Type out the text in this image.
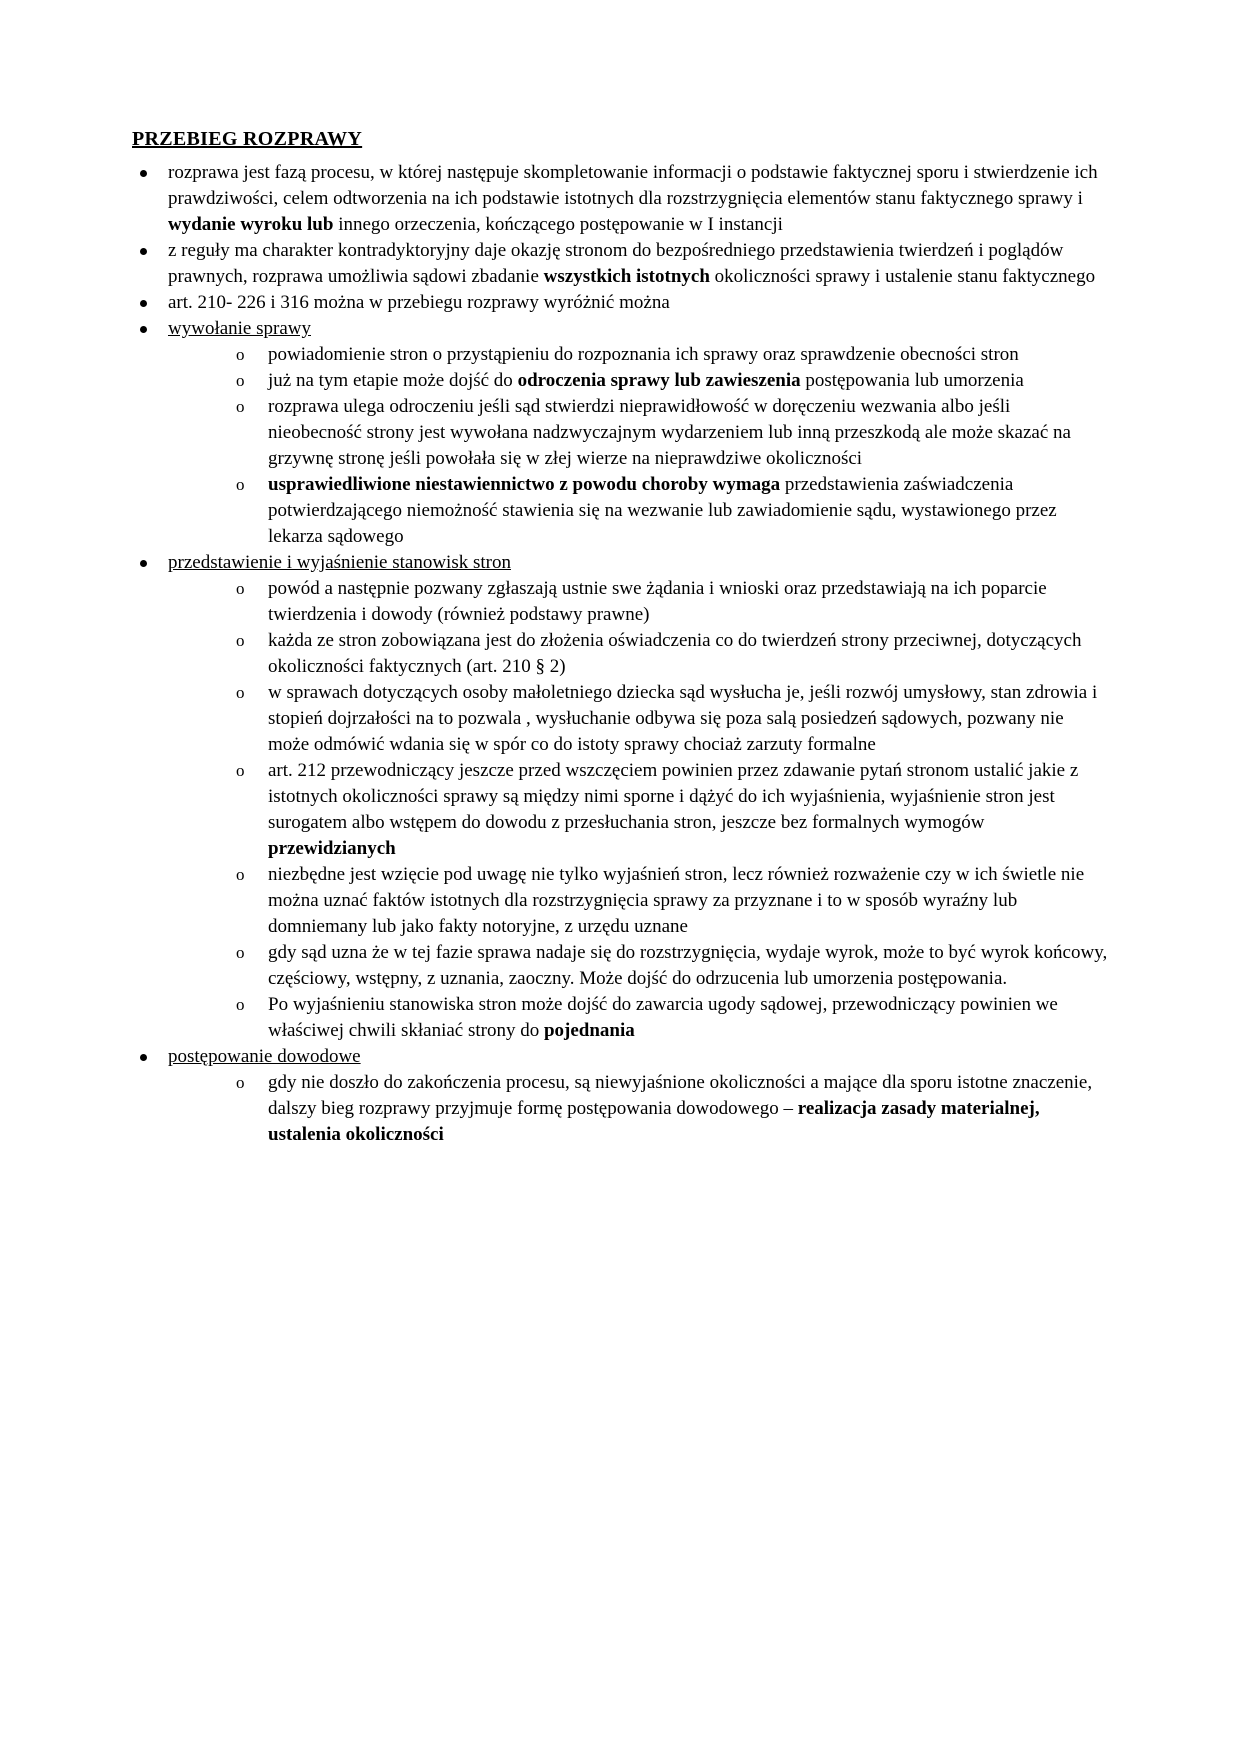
PRZEBIEG ROZPRAWY
rozprawa jest fazą procesu, w której następuje skompletowanie informacji o podstawie faktycznej sporu i stwierdzenie ich prawdziwości, celem odtworzenia na ich podstawie istotnych dla rozstrzygnięcia elementów stanu faktycznego sprawy i wydanie wyroku lub innego orzeczenia, kończącego postępowanie w I instancji
z reguły ma charakter kontradyktoryjny daje okazję stronom do bezpośredniego przedstawienia twierdzeń i poglądów prawnych, rozprawa umożliwia sądowi zbadanie wszystkich istotnych okoliczności sprawy i ustalenie stanu faktycznego
art. 210- 226 i 316 można w przebiegu rozprawy wyróżnić można
wywołanie sprawy
o	powiadomienie stron o przystąpieniu do rozpoznania ich sprawy oraz sprawdzenie obecności stron
o	już na tym etapie może dojść do odroczenia sprawy lub zawieszenia postępowania lub umorzenia
o	rozprawa ulega odroczeniu jeśli sąd stwierdzi nieprawidłowość w doręczeniu wezwania albo jeśli nieobecność strony jest wywołana nadzwyczajnym wydarzeniem lub inną przeszkodą ale może skazać na grzywnę stronę jeśli powołała się w złej wierze na nieprawdziwe okoliczności
o	usprawiedliwione niestawiennictwo z powodu choroby wymaga przedstawienia zaświadczenia potwierdzającego niemożność stawienia się na wezwanie lub zawiadomienie sądu, wystawionego przez lekarza sądowego
przedstawienie i wyjaśnienie stanowisk stron
o	powód a następnie pozwany zgłaszają ustnie swe żądania i wnioski oraz przedstawiają na ich poparcie twierdzenia i dowody (również podstawy prawne)
o	każda ze stron zobowiązana jest do złożenia oświadczenia co do twierdzeń strony przeciwnej, dotyczących okoliczności faktycznych (art. 210 § 2)
o	w sprawach dotyczących osoby małoletniego dziecka sąd wysłucha je, jeśli rozwój umysłowy, stan zdrowia i stopień dojrzałości na to pozwala , wysłuchanie odbywa się poza salą posiedzeń sądowych, pozwany nie może odmówić wdania się w spór co do istoty sprawy chociaż zarzuty formalne
o	art. 212 przewodniczący jeszcze przed wszczęciem powinien przez zdawanie pytań stronom ustalić jakie z istotnych okoliczności sprawy są między nimi sporne i dążyć do ich wyjaśnienia, wyjaśnienie stron jest surogatem albo wstępem do dowodu z przesłuchania stron, jeszcze bez formalnych wymogów przewidzianych
o	niezbędne jest wzięcie pod uwagę nie tylko wyjaśnień stron, lecz również rozważenie czy w ich świetle nie można uznać faktów istotnych dla rozstrzygnięcia sprawy za przyznane i to w sposób wyraźny lub domniemany lub jako fakty notoryjne, z urzędu uznane
o	gdy sąd uzna że w tej fazie sprawa nadaje się do rozstrzygnięcia, wydaje wyrok, może to być wyrok końcowy, częściowy, wstępny, z uznania, zaoczny. Może dojść do odrzucenia lub umorzenia postępowania.
o	Po wyjaśnieniu stanowiska stron może dojść do zawarcia ugody sądowej, przewodniczący powinien we właściwej chwili skłaniać strony do pojednania
postępowanie dowodowe
o	gdy nie doszło do zakończenia procesu, są niewyjaśnione okoliczności a mające dla sporu istotne znaczenie, dalszy bieg rozprawy przyjmuje formę postępowania dowodowego – realizacja zasady materialnej, ustalenia okoliczności
